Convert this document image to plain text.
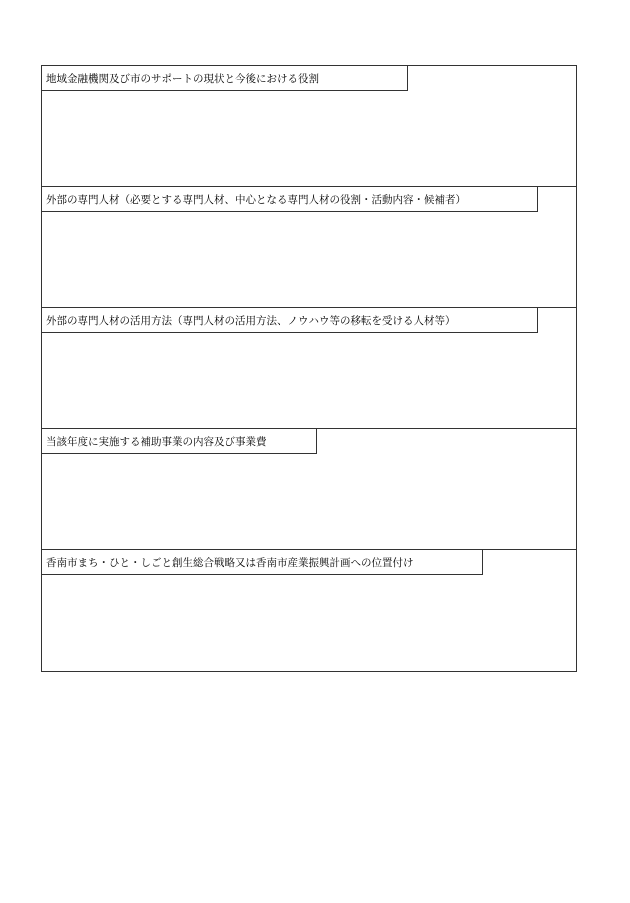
地域金融機関及び市のサポートの現状と今後における役割
外部の専門人材（必要とする専門人材、中心となる専門人材の役割・活動内容・候補者）
外部の専門人材の活用方法（専門人材の活用方法、ノウハウ等の移転を受ける人材等）
当該年度に実施する補助事業の内容及び事業費
香南市まち・ひと・しごと創生総合戦略又は香南市産業振興計画への位置付け
